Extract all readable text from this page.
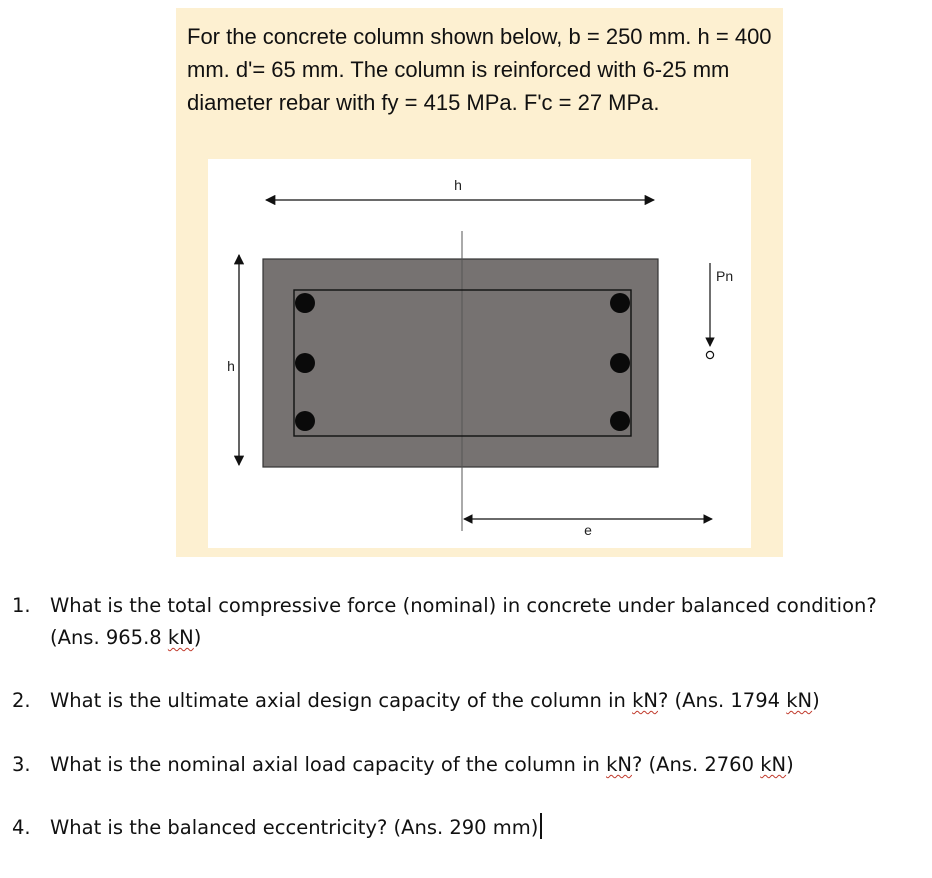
For the concrete column shown below, b = 250 mm. h = 400 mm. d'= 65 mm. The column is reinforced with 6-25 mm diameter rebar with fy = 415 MPa. F'c = 27 MPa.
h
h
Pn
e
1. What is the total compressive force (nominal) in concrete under balanced condition? (Ans. 965.8 kN)
2. What is the ultimate axial design capacity of the column in kN? (Ans. 1794 kN)
3. What is the nominal axial load capacity of the column in kN? (Ans. 2760 kN)
4. What is the balanced eccentricity? (Ans. 290 mm)
